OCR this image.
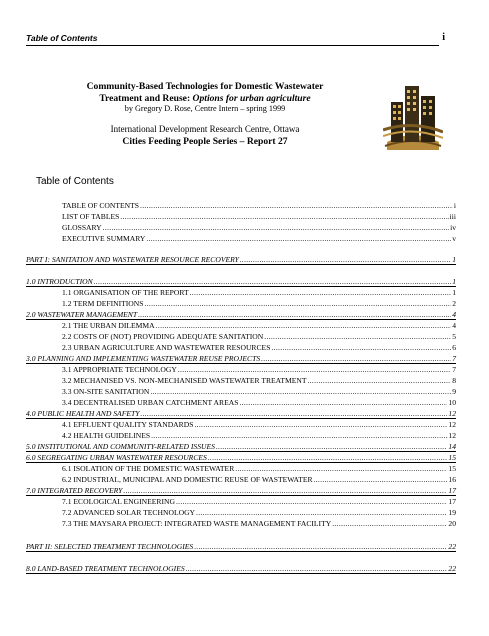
Table of Contents	i
Community-Based Technologies for Domestic Wastewater
Treatment and Reuse: Options for urban agriculture
by Gregory D. Rose, Centre Intern – spring 1999
International Development Research Centre, Ottawa
Cities Feeding People Series – Report 27
Table of Contents
TABLE OF CONTENTS .....	i
LIST OF TABLES .....	iii
GLOSSARY .....	iv
EXECUTIVE SUMMARY .....	v
PART I: SANITATION AND WASTEWATER RESOURCE RECOVERY .....	1
1.0 INTRODUCTION .....	1
1.1 ORGANISATION OF THE REPORT .....	1
1.2 TERM DEFINITIONS .....	2
2.0 WASTEWATER MANAGEMENT .....	4
2.1 THE URBAN DILEMMA .....	4
2.2 COSTS OF (NOT) PROVIDING ADEQUATE SANITATION .....	5
2.3 URBAN AGRICULTURE AND WASTEWATER RESOURCES .....	6
3.0 PLANNING AND IMPLEMENTING WASTEWATER REUSE PROJECTS .....	7
3.1 APPROPRIATE TECHNOLOGY .....	7
3.2 MECHANISED VS. NON-MECHANISED WASTEWATER TREATMENT .....	8
3.3 ON-SITE SANITATION .....	9
3.4 DECENTRALISED URBAN CATCHMENT AREAS .....	10
4.0 PUBLIC HEALTH AND SAFETY .....	12
4.1 EFFLUENT QUALITY STANDARDS .....	12
4.2 HEALTH GUIDELINES .....	12
5.0 INSTITUTIONAL AND COMMUNITY-RELATED ISSUES .....	14
6.0 SEGREGATING URBAN WASTEWATER RESOURCES .....	15
6.1 ISOLATION OF THE DOMESTIC WASTEWATER .....	15
6.2 INDUSTRIAL, MUNICIPAL AND DOMESTIC REUSE OF WASTEWATER .....	16
7.0 INTEGRATED RECOVERY .....	17
7.1 ECOLOGICAL ENGINEERING .....	17
7.2 ADVANCED SOLAR TECHNOLOGY .....	19
7.3 THE MAYSARA PROJECT: INTEGRATED WASTE MANAGEMENT FACILITY .....	20
PART II: SELECTED TREATMENT TECHNOLOGIES .....	22
8.0 LAND-BASED TREATMENT TECHNOLOGIES .....	22
